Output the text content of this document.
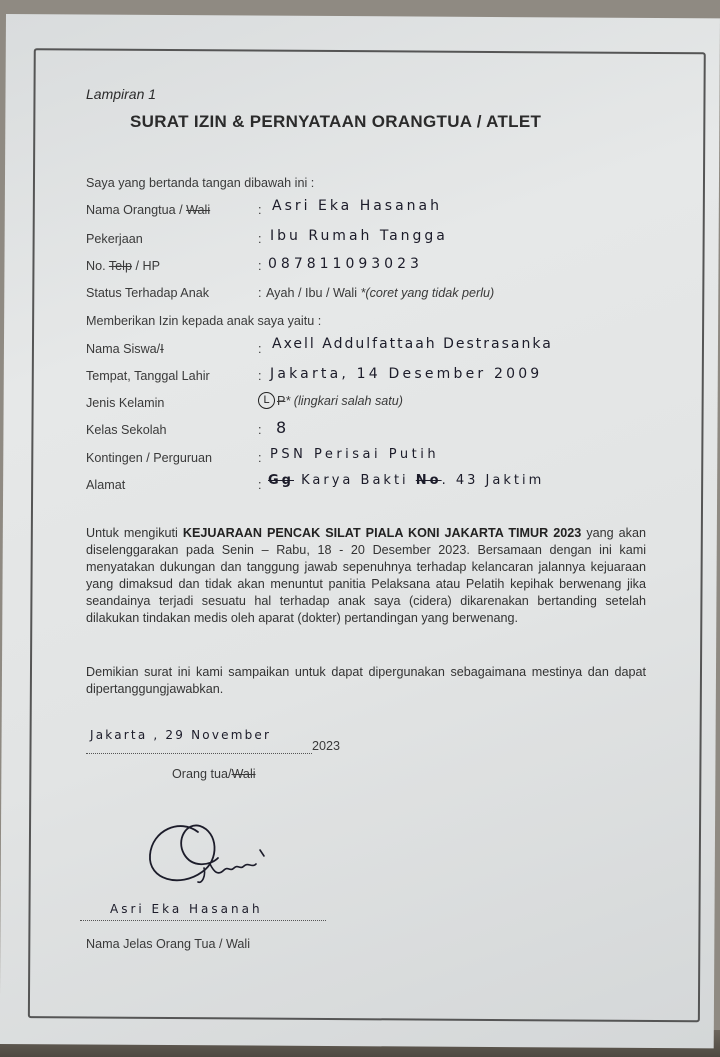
Lampiran 1
SURAT IZIN & PERNYATAAN ORANGTUA / ATLET
Saya yang bertanda tangan dibawah ini :
Nama Orangtua / Wali	: Asri Eka Hasanah
Pekerjaan	: Ibu Rumah Tangga
No. Telp / HP	: 087811093023
Status Terhadap Anak	: Ayah / Ibu / Wali *(coret yang tidak perlu)
Memberikan Izin kepada anak saya yaitu :
Nama Siswa/I	: Axell Addulfattaah Destrasanka
Tempat, Tanggal Lahir	: Jakarta, 14 Desember 2009
Jenis Kelamin	L P * (lingkari salah satu)
Kelas Sekolah	: 8
Kontingen / Perguruan	: PSN Perisai Putih
Alamat	: Gg Karya Bakti No. 43 Jaktim
Untuk mengikuti KEJUARAAN PENCAK SILAT PIALA KONI JAKARTA TIMUR 2023 yang akan diselenggarakan pada Senin – Rabu, 18 - 20 Desember 2023. Bersamaan dengan ini kami menyatakan dukungan dan tanggung jawab sepenuhnya terhadap kelancaran jalannya kejuaraan yang dimaksud dan tidak akan menuntut panitia Pelaksana atau Pelatih kepihak berwenang jika seandainya terjadi sesuatu hal terhadap anak saya (cidera) dikarenakan bertanding setelah dilakukan tindakan medis oleh aparat (dokter) pertandingan yang berwenang.
Demikian surat ini kami sampaikan untuk dapat dipergunakan sebagaimana mestinya dan dapat dipertanggungjawabkan.
Jakarta , 29 November
2023
Orang tua/Wali
Asri Eka Hasanah
Nama Jelas Orang Tua / Wali
